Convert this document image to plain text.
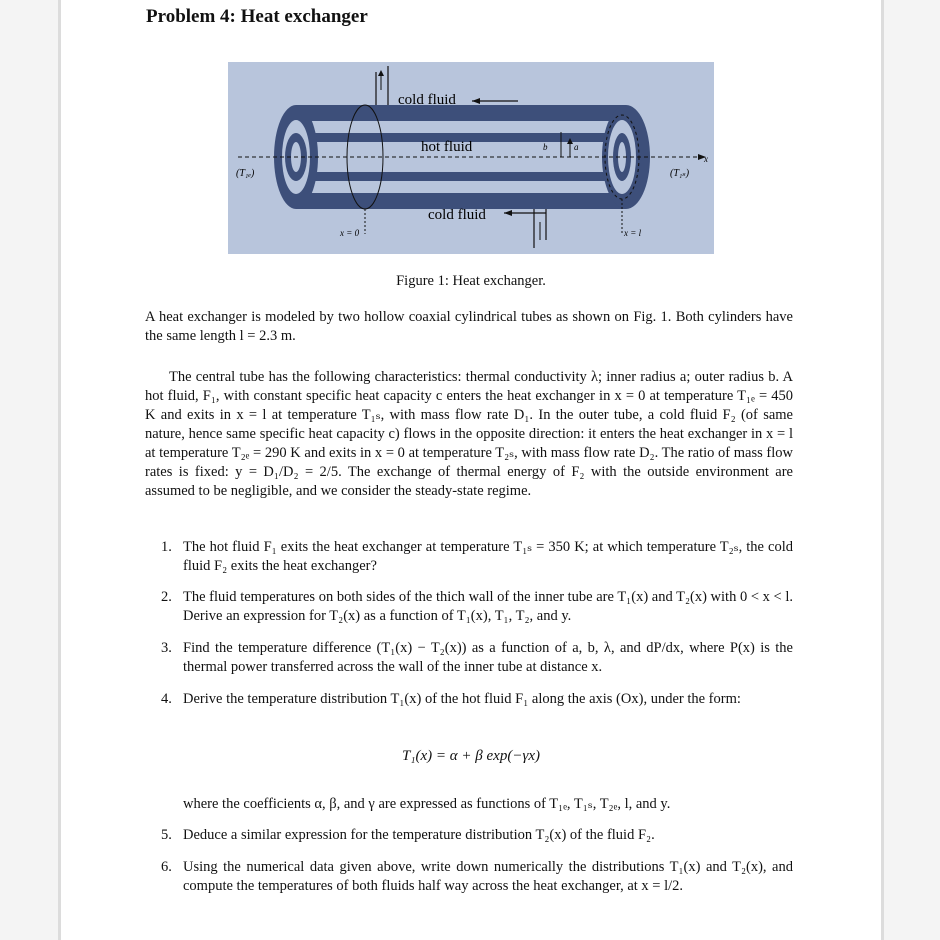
Problem 4: Heat exchanger
cold fluid
hot fluid
cold fluid
b	a
x
(T₁ₑ)	(T₁ₛ)
x = 0	x = l
Figure 1: Heat exchanger.

A heat exchanger is modeled by two hollow coaxial cylindrical tubes as shown on Fig. 1. Both cylinders have the same length l = 2.3 m.

The central tube has the following characteristics: thermal conductivity λ; inner radius a; outer radius b. A hot fluid, F₁, with constant specific heat capacity c enters the heat exchanger in x = 0 at temperature T₁ₑ = 450 K and exits in x = l at temperature T₁ₛ, with mass flow rate D₁. In the outer tube, a cold fluid F₂ (of same nature, hence same specific heat capacity c) flows in the opposite direction: it enters the heat exchanger in x = l at temperature T₂ₑ = 290 K and exits in x = 0 at temperature T₂ₛ, with mass flow rate D₂. The ratio of mass flow rates is fixed: y = D₁/D₂ = 2/5. The exchange of thermal energy of F₂ with the outside environment are assumed to be negligible, and we consider the steady-state regime.

1. The hot fluid F₁ exits the heat exchanger at temperature T₁ₛ = 350 K; at which temperature T₂ₛ, the cold fluid F₂ exits the heat exchanger?
2. The fluid temperatures on both sides of the thich wall of the inner tube are T₁(x) and T₂(x) with 0 < x < l. Derive an expression for T₂(x) as a function of T₁(x), T₁, T₂, and y.
3. Find the temperature difference (T₁(x) − T₂(x)) as a function of a, b, λ, and dP/dx, where P(x) is the thermal power transferred across the wall of the inner tube at distance x.
4. Derive the temperature distribution T₁(x) of the hot fluid F₁ along the axis (Ox), under the form:
T₁(x) = α + β exp(−γx)
where the coefficients α, β, and γ are expressed as functions of T₁ₑ, T₁ₛ, T₂ₑ, l, and y.
5. Deduce a similar expression for the temperature distribution T₂(x) of the fluid F₂.
6. Using the numerical data given above, write down numerically the distributions T₁(x) and T₂(x), and compute the temperatures of both fluids half way across the heat exchanger, at x = l/2.
